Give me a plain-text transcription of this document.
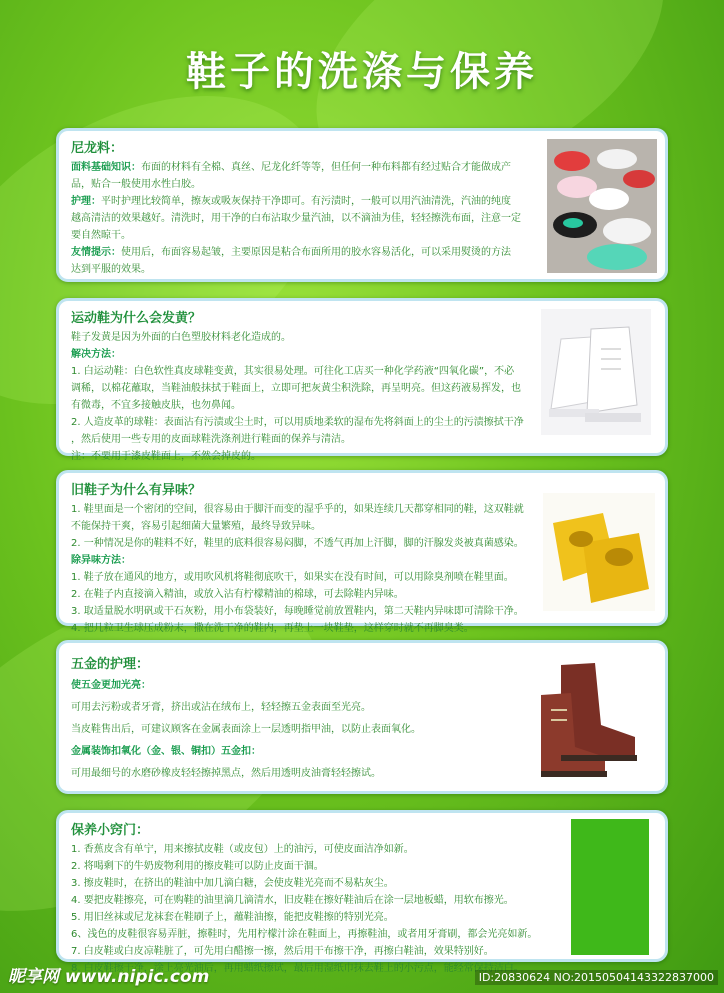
鞋子的洗涤与保养
尼龙料：
面料基础知识：布面的材料有全棉、真丝、尼龙化纤等等，但任何一种布料都有经过贴合才能做成产
品，贴合一般使用水性白胶。
护理：平时护理比较简单，擦灰或吸灰保持干净即可。有污渍时，一般可以用汽油清洗，汽油的纯度
越高清洁的效果越好。清洗时，用干净的白布沾取少量汽油，以不滴油为佳，轻轻擦洗布面，注意一定
要自然晾干。
友情提示：使用后，布面容易起皱，主要原因是粘合布面所用的胶水容易活化，可以采用熨烫的方法
达到平服的效果。
运动鞋为什么会发黄？
鞋子发黄是因为外面的白色塑胶材料老化造成的。
解决方法：
1. 白运动鞋：白色软性真皮球鞋变黄，其实很易处理。可往化工店买一种化学药液“四氧化碳”，不必
调稀，以棉花蘸取，当鞋油般抹拭于鞋面上，立即可把灰黄尘积洗除，再呈明亮。但这药液易挥发，也
有微毒，不宜多接触皮肤，也勿鼻闻。
2. 人造皮革的球鞋：表面沾有污渍或尘土时，可以用质地柔软的湿布先将斜面上的尘土的污渍擦拭干净
，然后使用一些专用的皮面球鞋洗涤剂进行鞋面的保养与清洁。
注：不要用于漆皮鞋面上，不然会掉皮的。
旧鞋子为什么有异味？
1. 鞋里面是一个密闭的空间，很容易由于脚汗而变的湿乎乎的，如果连续几天都穿相同的鞋，这双鞋就
不能保持干爽，容易引起细菌大量繁殖，最终导致异味。
2. 一种情况是你的鞋料不好，鞋里的底料很容易闷脚，不透气再加上汗脚，脚的汗腺发炎被真菌感染。
除异味方法：
1. 鞋子放在通风的地方，或用吹风机将鞋彻底吹干，如果实在没有时间，可以用除臭剂喷在鞋里面。
2. 在鞋子内直接滴入精油，或放入沾有柠檬精油的棉球，可去除鞋内异味。
3. 取适量脱水明矾或干石灰粉，用小布袋装好，每晚睡觉前放置鞋内，第二天鞋内异味即可清除干净。
4. 把几粒卫生球压成粉末，撒在洗干净的鞋内，再垫上一块鞋垫，这样穿时就不再脚臭类。
五金的护理：
使五金更加光亮：
可用去污粉或者牙膏，挤出或沾在绒布上，轻轻擦五金表面至光亮。
当皮鞋售出后，可建议顾客在金属表面涂上一层透明指甲油，以防止表面氧化。
金属装饰扣氧化（金、银、铜扣）五金扣：
可用最细号的水磨砂橡皮轻轻擦掉黑点，然后用透明皮油膏轻轻擦试。
保养小窍门：
1. 香蕉皮含有单宁，用来擦拭皮鞋（或皮包）上的油污，可使皮面洁净如新。
2. 将喝剩下的牛奶废物利用的擦皮鞋可以防止皮面干涸。
3. 擦皮鞋时，在挤出的鞋油中加几滴白糖，会使皮鞋光亮而不易粘灰尘。
4. 要把皮鞋擦亮，可在购鞋的油里滴几滴清水，旧皮鞋在擦好鞋油后在涂一层地板蜡，用软布擦光。
5. 用旧丝袜或尼龙袜套在鞋刷子上，蘸鞋油擦，能把皮鞋擦的特别光亮。
6、浅色的皮鞋很容易弄脏，擦鞋时，先用柠檬汁涂在鞋面上，再擦鞋油，或者用牙膏刷，都会光亮如新。
7. 白皮鞋或白皮凉鞋脏了，可先用白醋擦一擦，然后用干布擦干净，再擦白鞋油，效果特别好。
8. 白皮鞋擦干净，涂上亮光油后，再用蜡纸擦试，最后用湿纸巾抹去鞋上的小污点，能经常保持洁白。
昵享网 www.nipic.com	ID:20830624 NO:20150504143322837000
